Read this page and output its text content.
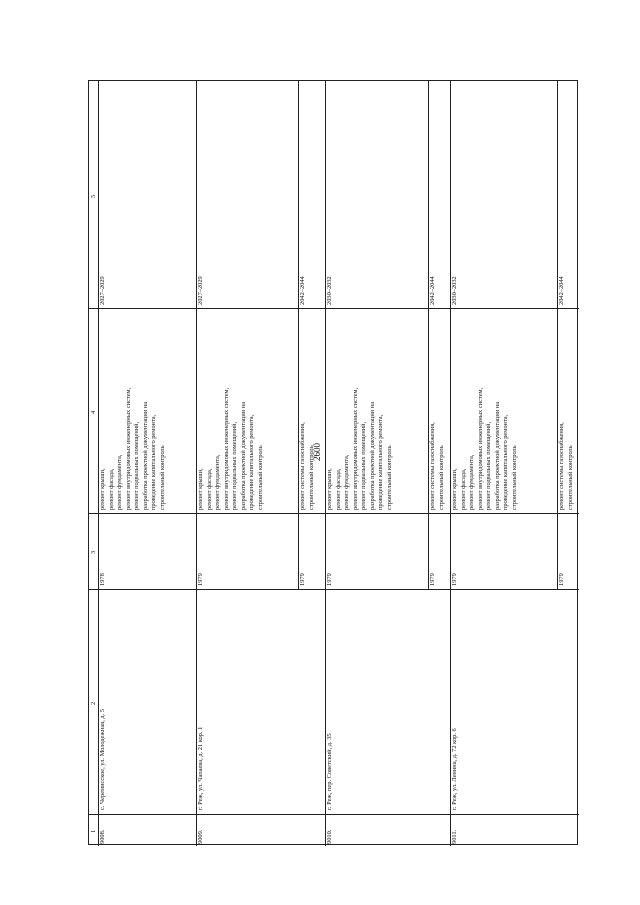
2600
1
2
3
4
5
9008.
с. Черемисское, ул. Молодежная, д. 5
1978
ремонт крыши, ремонт фасада, ремонт фундамента, ремонт внутридомовых инженерных систем, ремонт подвальных помещений, разработка проектной документации на проведение капитального ремонта, строительный контроль
2027–2029
9009.
г. Реж, ул. Чапаева, д. 21 кор. 1
1979
ремонт крыши, ремонт фасада, ремонт фундамента, ремонт внутридомовых инженерных систем, ремонт подвальных помещений, разработка проектной документации на проведение капитального ремонта, строительный контроль
2027–2029
1979
ремонт системы газоснабжения, строительный контроль
2042–2044
9010.
г. Реж, пер. Советский, д. 35
1979
ремонт крыши, ремонт фасада, ремонт фундамента, ремонт внутридомовых инженерных систем, ремонт подвальных помещений, разработка проектной документации на проведение капитального ремонта, строительный контроль
2030–2032
1979
ремонт системы газоснабжения, строительный контроль
2042–2044
9011.
г. Реж, ул. Ленина, д. 72 кор. 6
1979
ремонт крыши, ремонт фасада, ремонт фундамента, ремонт внутридомовых инженерных систем, ремонт подвальных помещений, разработка проектной документации на проведение капитального ремонта, строительный контроль
2030–2032
1979
ремонт системы газоснабжения, строительный контроль
2042–2044
